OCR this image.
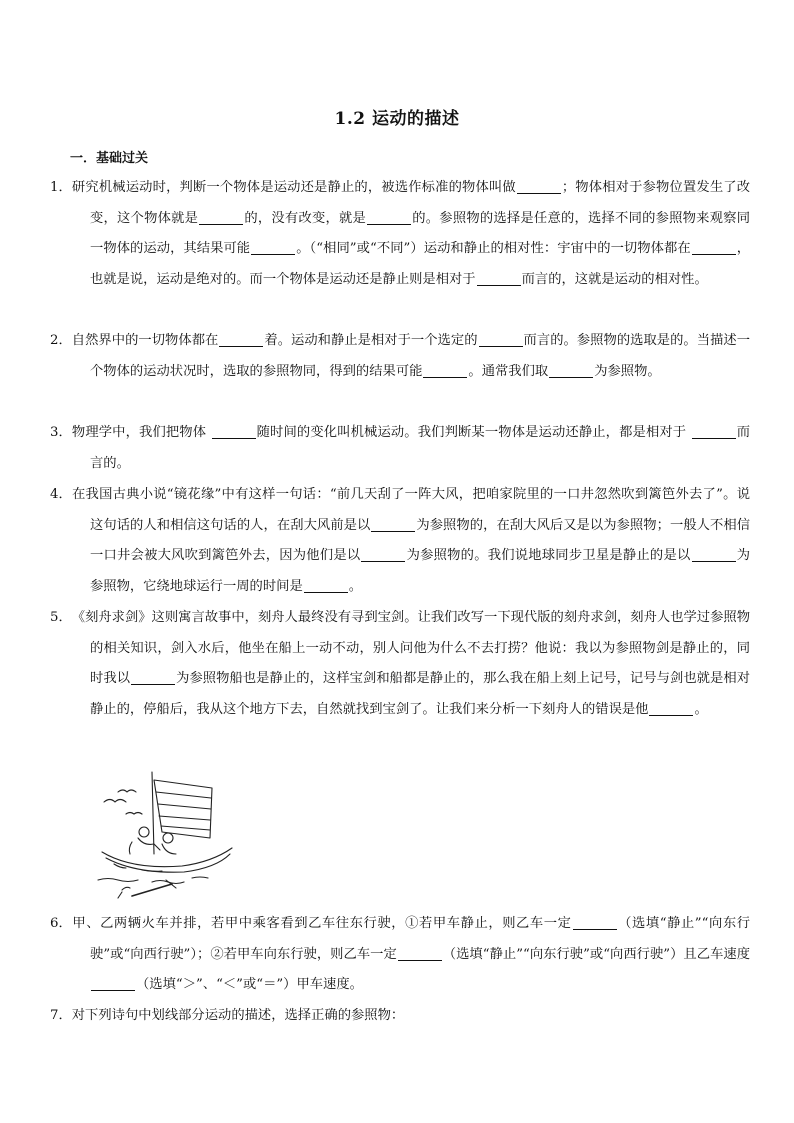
1.2 运动的描述
一．基础过关
1．研究机械运动时，判断一个物体是运动还是静止的，被选作标准的物体叫做	；物体相对于参物位置发生了改变，这个物体就是	的，没有改变，就是	的。参照物的选择是任意的，选择不同的参照物来观察同一物体的运动，其结果可能	。（“相同”或“不同”）运动和静止的相对性：宇宙中的一切物体都在	，也就是说，运动是绝对的。而一个物体是运动还是静止则是相对于	而言的，这就是运动的相对性。
2．自然界中的一切物体都在	着。运动和静止是相对于一个选定的	而言的。参照物的选取是的。当描述一个物体的运动状况时，选取的参照物同，得到的结果可能	。通常我们取	为参照物。
3．物理学中，我们把物体	随时间的变化叫机械运动。我们判断某一物体是运动还静止，都是相对于	而言的。
4．在我国古典小说“镜花缘”中有这样一句话：“前几天刮了一阵大风，把咱家院里的一口井忽然吹到篱笆外去了”。说这句话的人和相信这句话的人，在刮大风前是以	为参照物的，在刮大风后又是以为参照物；一般人不相信一口井会被大风吹到篱笆外去，因为他们是以	为参照物的。我们说地球同步卫星是静止的是以	为参照物，它绕地球运行一周的时间是	。
5．《刻舟求剑》这则寓言故事中，刻舟人最终没有寻到宝剑。让我们改写一下现代版的刻舟求剑，刻舟人也学过参照物的相关知识，剑入水后，他坐在船上一动不动，别人问他为什么不去打捞？他说：我以为参照物剑是静止的，同时我以	为参照物船也是静止的，这样宝剑和船都是静止的，那么我在船上刻上记号，记号与剑也就是相对静止的，停船后，我从这个地方下去，自然就找到宝剑了。让我们来分析一下刻舟人的错误是他	。
6．甲、乙两辆火车并排，若甲中乘客看到乙车往东行驶，①若甲车静止，则乙车一定	（选填“静止”“向东行驶”或“向西行驶”）；②若甲车向东行驶，则乙车一定	（选填“静止”“向东行驶”或“向西行驶”）且乙车速度（选填“＞”、“＜”或“＝”）甲车速度。
7．对下列诗句中划线部分运动的描述，选择正确的参照物：
